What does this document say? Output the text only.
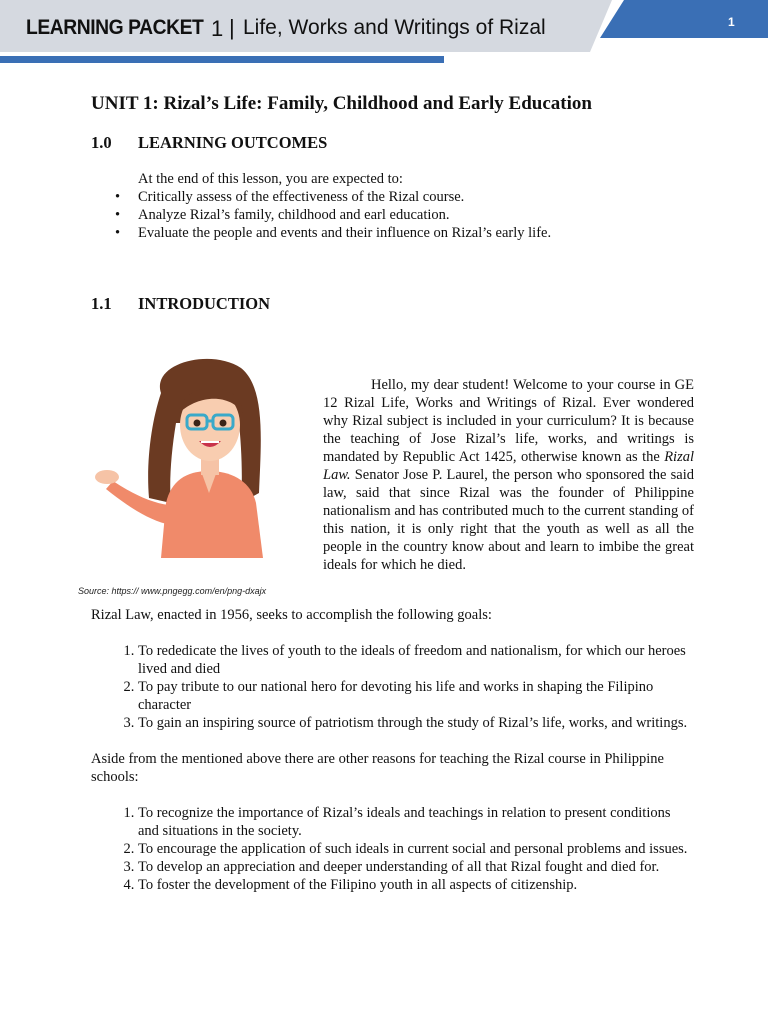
LEARNING PACKET 1 | Life, Works and Writings of Rizal	1
UNIT 1: Rizal’s Life: Family, Childhood and Early Education
1.0 LEARNING OUTCOMES

At the end of this lesson, you are expected to:

• Critically assess of the effectiveness of the Rizal course.
• Analyze Rizal’s family, childhood and earl education.
• Evaluate the people and events and their influence on Rizal’s early life.
1.1 INTRODUCTION
Source: https:// www.pngegg.com/en/png-dxajx

Hello, my dear student! Welcome to your course in GE 12 Rizal Life, Works and Writings of Rizal. Ever wondered why Rizal subject is included in your curriculum? It is because the teaching of Jose Rizal’s life, works, and writings is mandated by Republic Act 1425, otherwise known as the Rizal Law. Senator Jose P. Laurel, the person who sponsored the said law, said that since Rizal was the founder of Philippine nationalism and has contributed much to the current standing of this nation, it is only right that the youth as well as all the people in the country know about and learn to imbibe the great ideals for which he died.

Rizal Law, enacted in 1956, seeks to accomplish the following goals:

1. To rededicate the lives of youth to the ideals of freedom and nationalism, for which our heroes lived and died
2. To pay tribute to our national hero for devoting his life and works in shaping the Filipino character
3. To gain an inspiring source of patriotism through the study of Rizal’s life, works, and writings.

Aside from the mentioned above there are other reasons for teaching the Rizal course in Philippine schools:

1. To recognize the importance of Rizal’s ideals and teachings in relation to present conditions and situations in the society.
2. To encourage the application of such ideals in current social and personal problems and issues.
3. To develop an appreciation and deeper understanding of all that Rizal fought and died for.
4. To foster the development of the Filipino youth in all aspects of citizenship.
